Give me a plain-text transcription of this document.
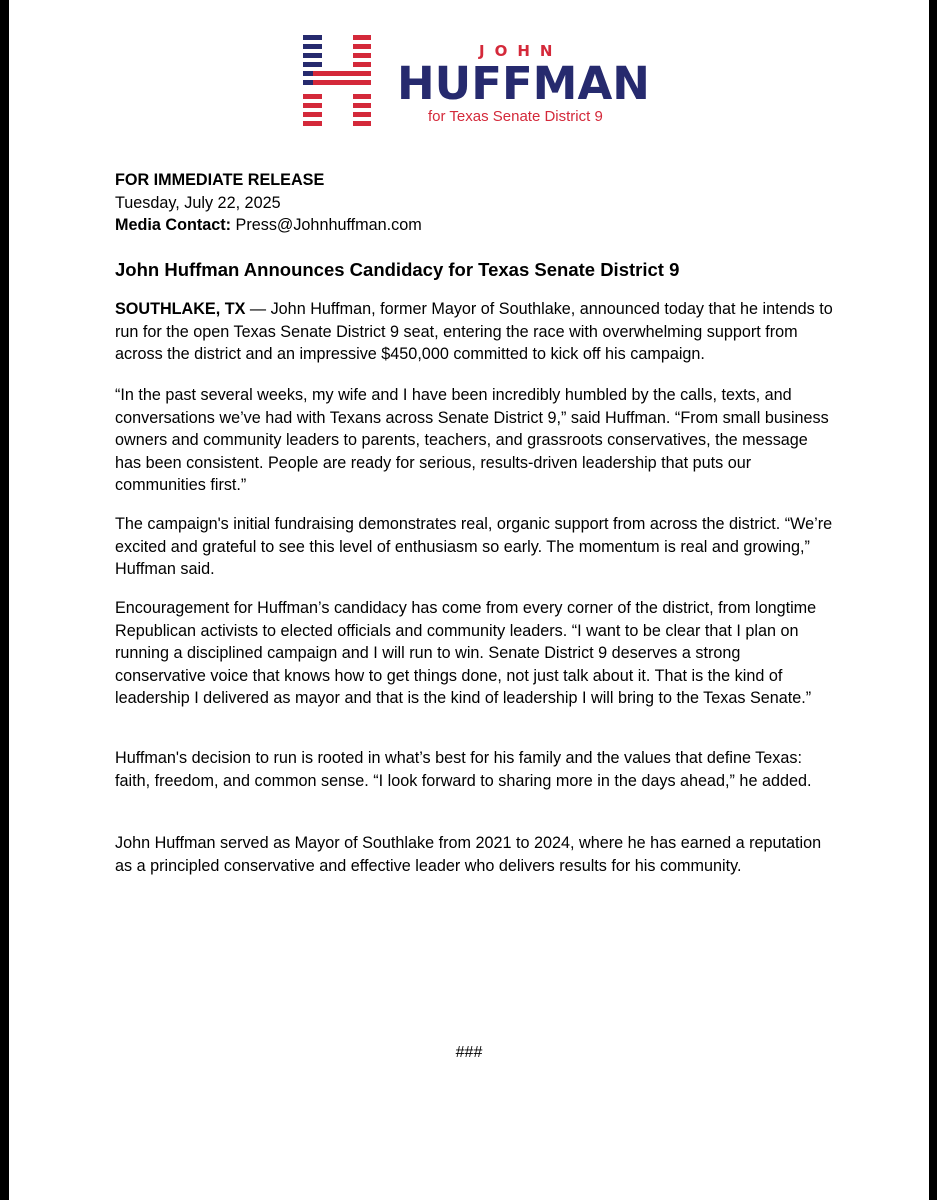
JOHN
HUFFMAN
for Texas Senate District 9
FOR IMMEDIATE RELEASE
Tuesday, July 22, 2025
Media Contact: Press@Johnhuffman.com
John Huffman Announces Candidacy for Texas Senate District 9

SOUTHLAKE, TX — John Huffman, former Mayor of Southlake, announced today that he intends to run for the open Texas Senate District 9 seat, entering the race with overwhelming support from across the district and an impressive $450,000 committed to kick off his campaign.

“In the past several weeks, my wife and I have been incredibly humbled by the calls, texts, and conversations we’ve had with Texans across Senate District 9,” said Huffman. “From small business owners and community leaders to parents, teachers, and grassroots conservatives, the message has been consistent. People are ready for serious, results-driven leadership that puts our communities first.”

The campaign's initial fundraising demonstrates real, organic support from across the district. “We’re excited and grateful to see this level of enthusiasm so early. The momentum is real and growing,” Huffman said.

Encouragement for Huffman’s candidacy has come from every corner of the district, from longtime Republican activists to elected officials and community leaders. “I want to be clear that I plan on running a disciplined campaign and I will run to win. Senate District 9 deserves a strong conservative voice that knows how to get things done, not just talk about it. That is the kind of leadership I delivered as mayor and that is the kind of leadership I will bring to the Texas Senate.”

Huffman's decision to run is rooted in what’s best for his family and the values that define Texas: faith, freedom, and common sense. “I look forward to sharing more in the days ahead,” he added.

John Huffman served as Mayor of Southlake from 2021 to 2024, where he has earned a reputation as a principled conservative and effective leader who delivers results for his community.

###
